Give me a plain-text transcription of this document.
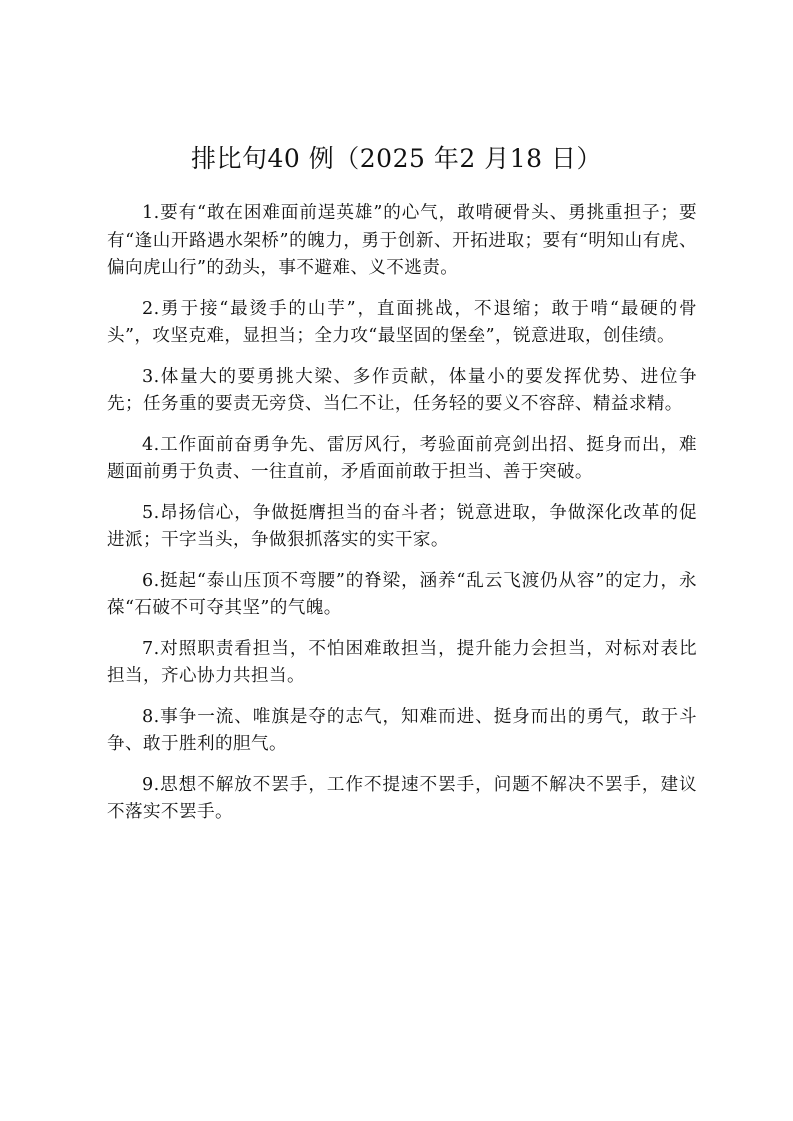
排比句40 例（2025 年2 月18 日）

1.要有“敢在困难面前逞英雄”的心气，敢啃硬骨头、勇挑重担子；要有“逢山开路遇水架桥”的魄力，勇于创新、开拓进取；要有“明知山有虎、偏向虎山行”的劲头，事不避难、义不逃责。

2.勇于接“最烫手的山芋”，直面挑战，不退缩；敢于啃“最硬的骨头”，攻坚克难，显担当；全力攻“最坚固的堡垒”，锐意进取，创佳绩。

3.体量大的要勇挑大梁、多作贡献，体量小的要发挥优势、进位争先；任务重的要责无旁贷、当仁不让，任务轻的要义不容辞、精益求精。

4.工作面前奋勇争先、雷厉风行，考验面前亮剑出招、挺身而出，难题面前勇于负责、一往直前，矛盾面前敢于担当、善于突破。

5.昂扬信心，争做挺膺担当的奋斗者；锐意进取，争做深化改革的促进派；干字当头，争做狠抓落实的实干家。

6.挺起“泰山压顶不弯腰”的脊梁，涵养“乱云飞渡仍从容”的定力，永葆“石破不可夺其坚”的气魄。

7.对照职责看担当，不怕困难敢担当，提升能力会担当，对标对表比担当，齐心协力共担当。

8.事争一流、唯旗是夺的志气，知难而进、挺身而出的勇气，敢于斗争、敢于胜利的胆气。

9.思想不解放不罢手，工作不提速不罢手，问题不解决不罢手，建议不落实不罢手。
